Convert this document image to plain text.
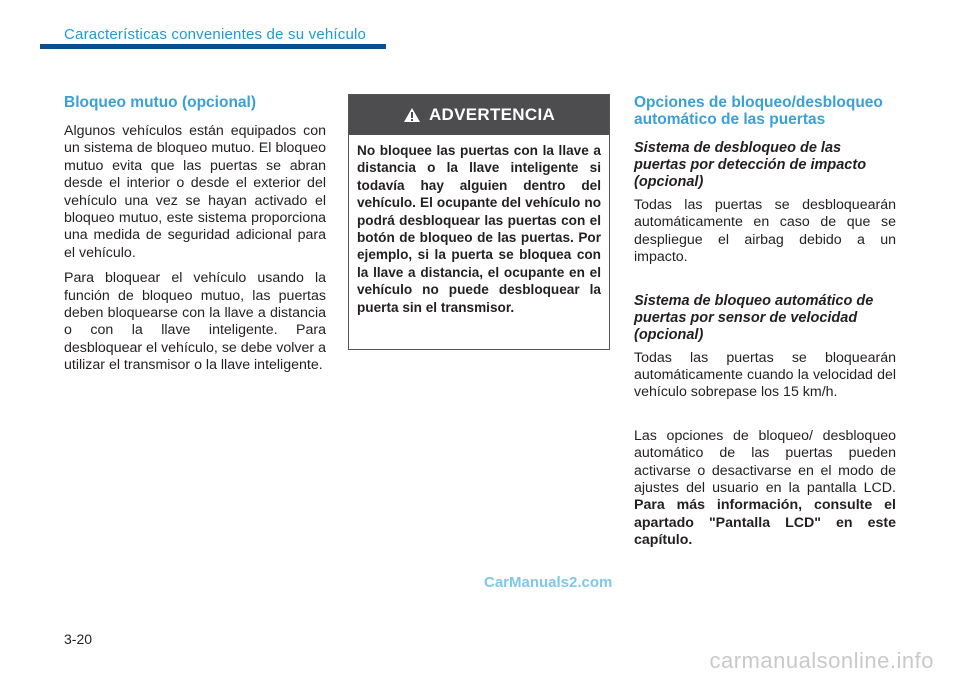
Características convenientes de su vehículo
Bloqueo mutuo (opcional)

Algunos vehículos están equipados con un sistema de bloqueo mutuo. El bloqueo mutuo evita que las puertas se abran desde el interior o desde el exterior del vehículo una vez se hayan activado el bloqueo mutuo, este sistema proporciona una medida de seguridad adicional para el vehículo.

Para bloquear el vehículo usando la función de bloqueo mutuo, las puertas deben bloquearse con la llave a distancia o con la llave inteligente. Para desbloquear el vehículo, se debe volver a utilizar el transmisor o la llave inteligente.

ADVERTENCIA
No bloquee las puertas con la llave a distancia o la llave inteligente si todavía hay alguien dentro del vehículo. El ocupante del vehículo no podrá desbloquear las puertas con el botón de bloqueo de las puertas. Por ejemplo, si la puerta se bloquea con la llave a distancia, el ocupante en el vehículo no puede desbloquear la puerta sin el transmisor.
Opciones de bloqueo/desbloqueo automático de las puertas
Sistema de desbloqueo de las puertas por detección de impacto (opcional)

Todas las puertas se desbloquearán automáticamente en caso de que se despliegue el airbag debido a un impacto.

Sistema de bloqueo automático de puertas por sensor de velocidad (opcional)

Todas las puertas se bloquearán automáticamente cuando la velocidad del vehículo sobrepase los 15 km/h.

Las opciones de bloqueo/ desbloqueo automático de las puertas pueden activarse o desactivarse en el modo de ajustes del usuario en la pantalla LCD. Para más información, consulte el apartado "Pantalla LCD" en este capítulo.

CarManuals2.com
3-20
carmanualsonline.info
